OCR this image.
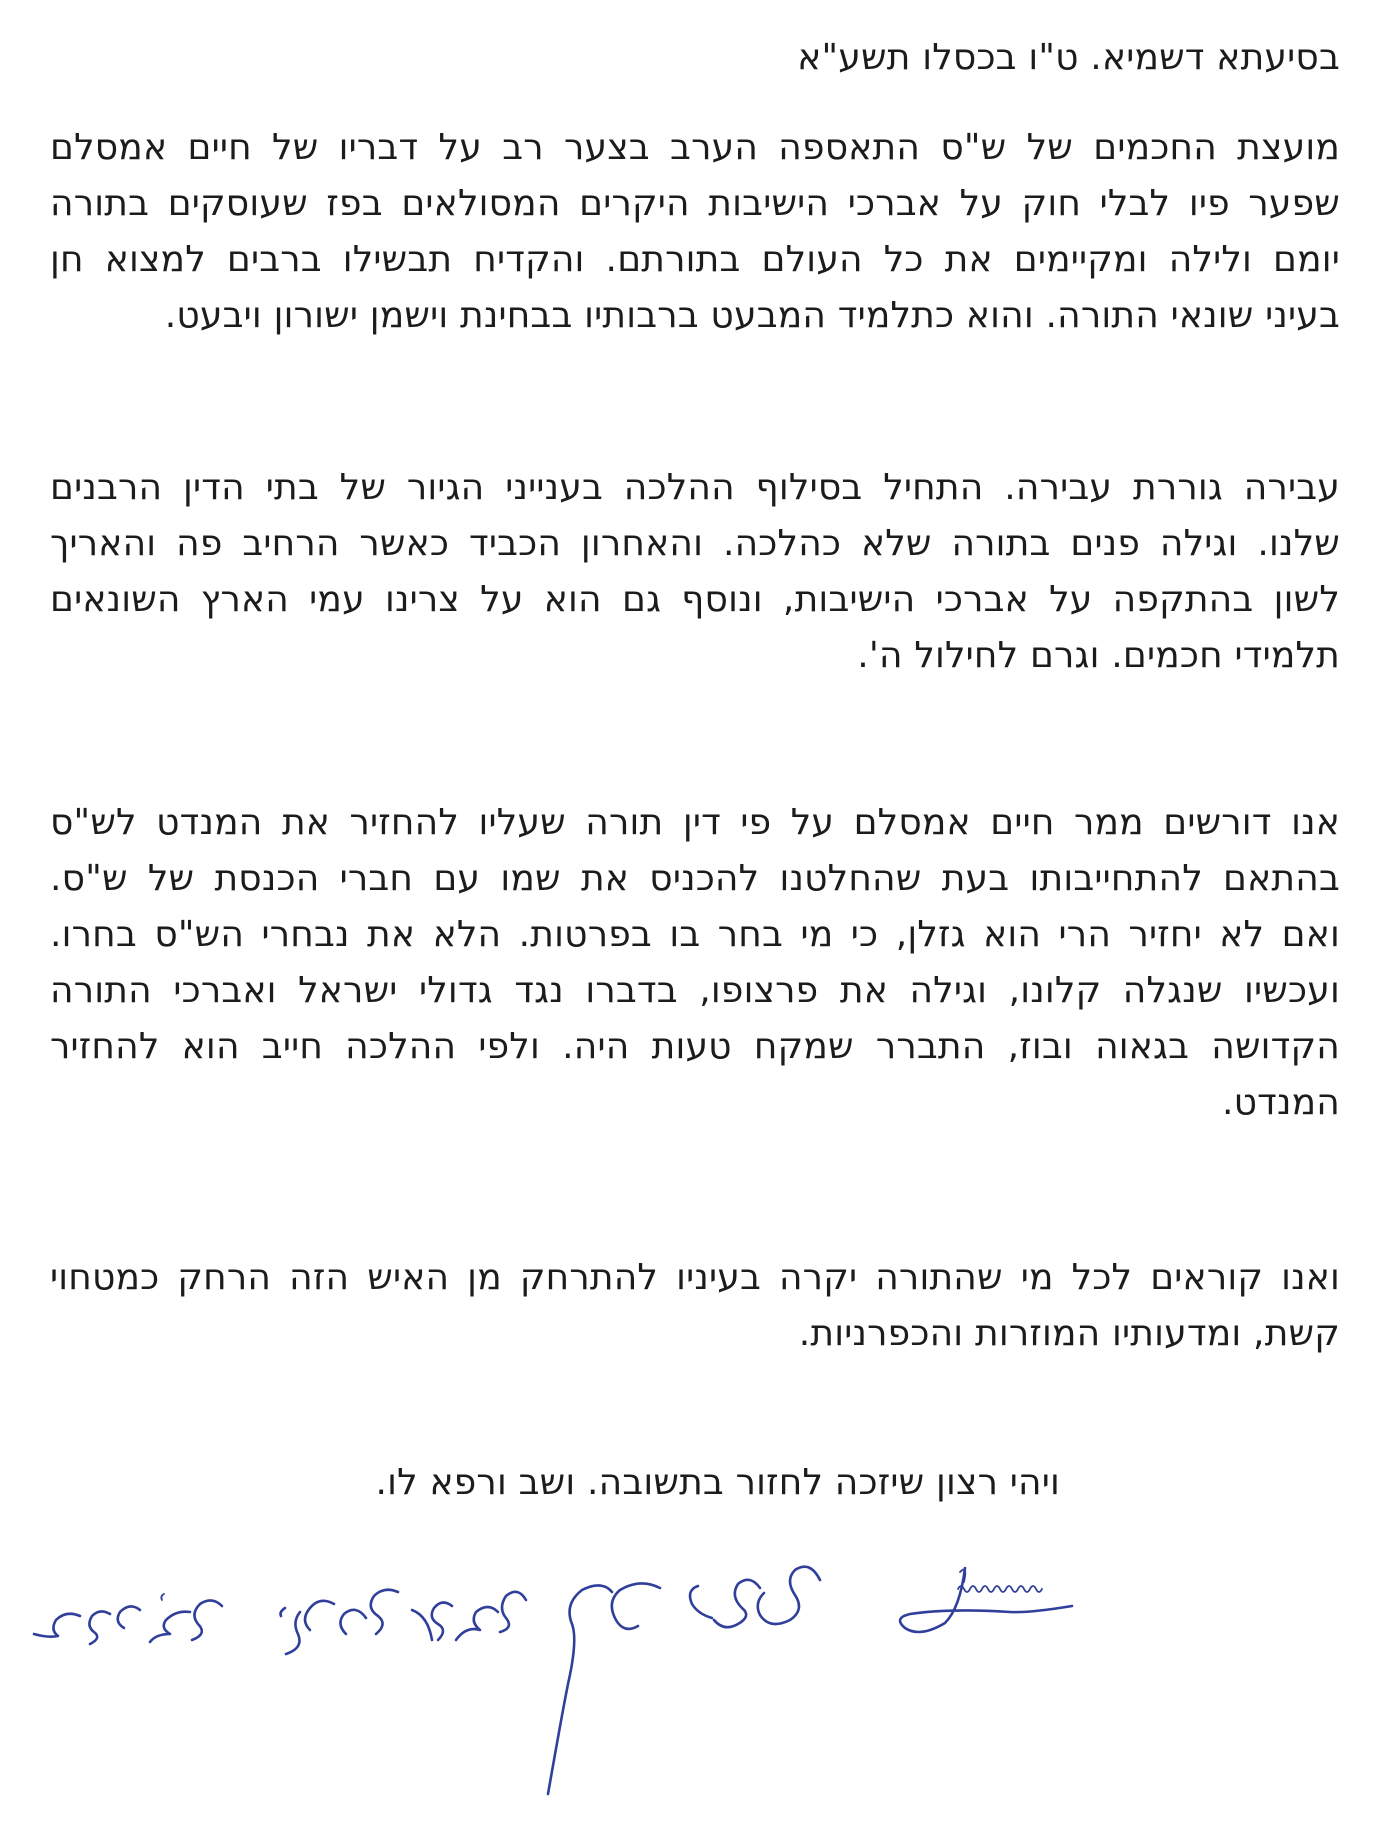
בסיעתא דשמיא. ט"ו בכסלו תשע"א
מועצת החכמים של ש"ס התאספה הערב בצער רב על דבריו של חיים אמסלם
שפער פיו לבלי חוק על אברכי הישיבות היקרים המסולאים בפז שעוסקים בתורה
יומם ולילה ומקיימים את כל העולם בתורתם. והקדיח תבשילו ברבים למצוא חן
בעיני שונאי התורה. והוא כתלמיד המבעט ברבותיו בבחינת וישמן ישורון ויבעט.
עבירה גוררת עבירה. התחיל בסילוף ההלכה בענייני הגיור של בתי הדין הרבנים
שלנו. וגילה פנים בתורה שלא כהלכה. והאחרון הכביד כאשר הרחיב פה והאריך
לשון בהתקפה על אברכי הישיבות, ונוסף גם הוא על צרינו עמי הארץ השונאים
תלמידי חכמים. וגרם לחילול ה'.
אנו דורשים ממר חיים אמסלם על פי דין תורה שעליו להחזיר את המנדט לש"ס
בהתאם להתחייבותו בעת שהחלטנו להכניס את שמו עם חברי הכנסת של ש"ס.
ואם לא יחזיר הרי הוא גזלן, כי מי בחר בו בפרטות. הלא את נבחרי הש"ס בחרו.
ועכשיו שנגלה קלונו, וגילה את פרצופו, בדברו נגד גדולי ישראל ואברכי התורה
הקדושה בגאוה ובוז, התברר שמקח טעות היה. ולפי ההלכה חייב הוא להחזיר
המנדט.
ואנו קוראים לכל מי שהתורה יקרה בעיניו להתרחק מן האיש הזה הרחק כמטחוי
קשת, ומדעותיו המוזרות והכפרניות.
ויהי רצון שיזכה לחזור בתשובה. ושב ורפא לו.
